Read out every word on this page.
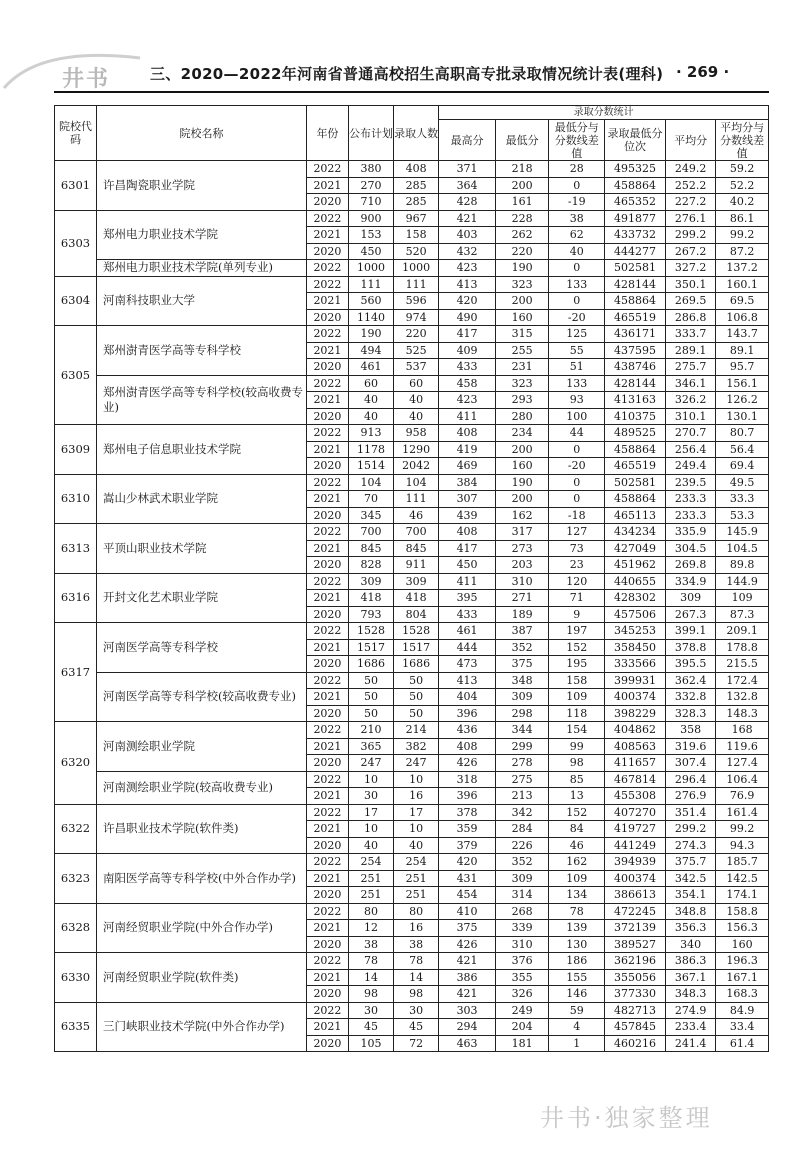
井书	三、2020—2022年河南省普通高校招生高职高专批录取情况统计表(理科) · 269 ·
院校代码	院校名称	年份	公布计划	录取人数	录取分数统计					
					最高分	最低分	最低分与分数线差值	录取最低分位次	平均分	平均分与分数线差值
6301	许昌陶瓷职业学院	2022	380	408	371	218	28	495325	249.2	59.2
		2021	270	285	364	200	0	458864	252.2	52.2
		2020	710	285	428	161	-19	465352	227.2	40.2
6303	郑州电力职业技术学院	2022	900	967	421	228	38	491877	276.1	86.1
		2021	153	158	403	262	62	433732	299.2	99.2
		2020	450	520	432	220	40	444277	267.2	87.2
	郑州电力职业技术学院(单列专业)	2022	1000	1000	423	190	0	502581	327.2	137.2
6304	河南科技职业大学	2022	111	111	413	323	133	428144	350.1	160.1
		2021	560	596	420	200	0	458864	269.5	69.5
		2020	1140	974	490	160	-20	465519	286.8	106.8
6305	郑州澍青医学高等专科学校	2022	190	220	417	315	125	436171	333.7	143.7
		2021	494	525	409	255	55	437595	289.1	89.1
		2020	461	537	433	231	51	438746	275.7	95.7
	郑州澍青医学高等专科学校(较高收费专业)	2022	60	60	458	323	133	428144	346.1	156.1
		2021	40	40	423	293	93	413163	326.2	126.2
		2020	40	40	411	280	100	410375	310.1	130.1
6309	郑州电子信息职业技术学院	2022	913	958	408	234	44	489525	270.7	80.7
		2021	1178	1290	419	200	0	458864	256.4	56.4
		2020	1514	2042	469	160	-20	465519	249.4	69.4
6310	嵩山少林武术职业学院	2022	104	104	384	190	0	502581	239.5	49.5
		2021	70	111	307	200	0	458864	233.3	33.3
		2020	345	46	439	162	-18	465113	233.3	53.3
6313	平顶山职业技术学院	2022	700	700	408	317	127	434234	335.9	145.9
		2021	845	845	417	273	73	427049	304.5	104.5
		2020	828	911	450	203	23	451962	269.8	89.8
6316	开封文化艺术职业学院	2022	309	309	411	310	120	440655	334.9	144.9
		2021	418	418	395	271	71	428302	309	109
		2020	793	804	433	189	9	457506	267.3	87.3
6317	河南医学高等专科学校	2022	1528	1528	461	387	197	345253	399.1	209.1
		2021	1517	1517	444	352	152	358450	378.8	178.8
		2020	1686	1686	473	375	195	333566	395.5	215.5
	河南医学高等专科学校(较高收费专业)	2022	50	50	413	348	158	399931	362.4	172.4
		2021	50	50	404	309	109	400374	332.8	132.8
		2020	50	50	396	298	118	398229	328.3	148.3
6320	河南测绘职业学院	2022	210	214	436	344	154	404862	358	168
		2021	365	382	408	299	99	408563	319.6	119.6
		2020	247	247	426	278	98	411657	307.4	127.4
	河南测绘职业学院(较高收费专业)	2022	10	10	318	275	85	467814	296.4	106.4
		2021	30	16	396	213	13	455308	276.9	76.9
6322	许昌职业技术学院(软件类)	2022	17	17	378	342	152	407270	351.4	161.4
		2021	10	10	359	284	84	419727	299.2	99.2
		2020	40	40	379	226	46	441249	274.3	94.3
6323	南阳医学高等专科学校(中外合作办学)	2022	254	254	420	352	162	394939	375.7	185.7
		2021	251	251	431	309	109	400374	342.5	142.5
		2020	251	251	454	314	134	386613	354.1	174.1
6328	河南经贸职业学院(中外合作办学)	2022	80	80	410	268	78	472245	348.8	158.8
		2021	12	16	375	339	139	372139	356.3	156.3
		2020	38	38	426	310	130	389527	340	160
6330	河南经贸职业学院(软件类)	2022	78	78	421	376	186	362196	386.3	196.3
		2021	14	14	386	355	155	355056	367.1	167.1
		2020	98	98	421	326	146	377330	348.3	168.3
6335	三门峡职业技术学院(中外合作办学)	2022	30	30	303	249	59	482713	274.9	84.9
		2021	45	45	294	204	4	457845	233.4	33.4
		2020	105	72	463	181	1	460216	241.4	61.4
井书·独家整理
